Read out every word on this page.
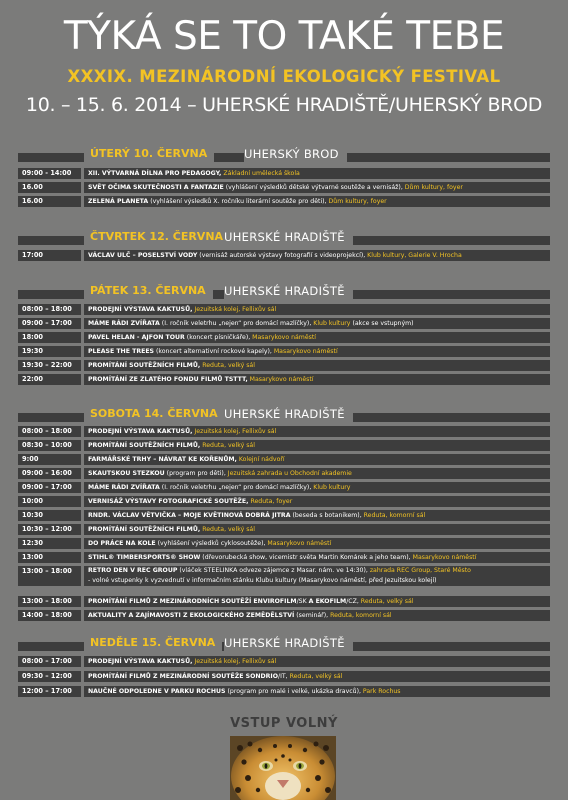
TÝKÁ SE TO TAKÉ TEBE
XXXIX. MEZINÁRODNÍ EKOLOGICKÝ FESTIVAL
10. – 15. 6. 2014 – UHERSKÉ HRADIŠTĚ/UHERSKÝ BROD
ÚTERÝ 10. ČERVNA	UHERSKÝ BROD
09:00 - 14:00	XII. VÝTVARNÁ DÍLNA PRO PEDAGOGY, Základní umělecká škola
16.00	SVĚT OČIMA SKUTEČNOSTI A FANTAZIE (vyhlášení výsledků dětské výtvarné soutěže a vernisáž), Dům kultury, foyer
16.00	ZELENÁ PLANETA (vyhlášení výsledků X. ročníku literární soutěže pro děti), Dům kultury, foyer
ČTVRTEK 12. ČERVNA UHERSKÉ HRADIŠTĚ
17:00	VÁCLAV ULČ – POSELSTVÍ VODY (vernisáž autorské výstavy fotografií s videoprojekcí), Klub kultury, Galerie V. Hrocha
PÁTEK 13. ČERVNA	UHERSKÉ HRADIŠTĚ
08:00 – 18:00	PRODEJNÍ VÝSTAVA KAKTUSŮ, Jezuitská kolej, Fellixův sál
09:00 – 17:00	MÁME RÁDI ZVÍŘATA (I. ročník veletrhu „nejen“ pro domácí mazlíčky), Klub kultury (akce se vstupným)
18:00	PAVEL HELAN - AJFON TOUR (koncert písničkáře), Masarykovo náměstí
19:30	PLEASE THE TREES (koncert alternativní rockové kapely), Masarykovo náměstí
19:30 – 22:00	PROMÍTÁNÍ SOUTĚŽNÍCH FILMŮ, Reduta, velký sál
22:00	PROMÍTÁNÍ ZE ZLATÉHO FONDU FILMŮ TSTTT, Masarykovo náměstí
SOBOTA 14. ČERVNA UHERSKÉ HRADIŠTĚ
08:00 – 18:00	PRODEJNÍ VÝSTAVA KAKTUSŮ, Jezuitská kolej, Fellixův sál
08:30 – 10:00	PROMÍTÁNÍ SOUTĚŽNÍCH FILMŮ, Reduta, velký sál
9:00	FARMÁŘSKÉ TRHY – NÁVRAT KE KOŘENŮM, Kolejní nádvoří
09:00 – 16:00	SKAUTSKOU STEZKOU (program pro děti), Jezuitská zahrada u Obchodní akademie
09:00 – 17:00	MÁME RÁDI ZVÍŘATA (I. ročník veletrhu „nejen“ pro domácí mazlíčky), Klub kultury
10:00	VERNISÁŽ VÝSTAVY FOTOGRAFICKÉ SOUTĚŽE, Reduta, foyer
10:30	RNDR. VÁCLAV VĚTVIČKA – MOJE KVĚTINOVÁ DOBRÁ JITRA (beseda s botanikem), Reduta, komorní sál
10:30 – 12:00	PROMÍTÁNÍ SOUTĚŽNÍCH FILMŮ, Reduta, velký sál
12:30	DO PRÁCE NA KOLE (vyhlášení výsledků cyklosoutěže), Masarykovo náměstí
13:00	STIHL® TIMBERSPORTS® SHOW (dřevorubecká show, vicemistr světa Martin Komárek a jeho team), Masarykovo náměstí
13:00 – 18:00	RETRO DEN V REC GROUP (vláček STEELINKA odveze zájemce z Masar. nám. ve 14:30), zahrada REC Group, Staré Město
- volné vstupenky k vyzvednutí v informačním stánku Klubu kultury (Masarykovo náměstí, před Jezuitskou kolejí)
13:00 – 18:00	PROMÍTÁNÍ FILMŮ Z MEZINÁRODNÍCH SOUTĚŽÍ ENVIROFILM/SK A EKOFILM/CZ, Reduta, velký sál
14:00 – 18:00	AKTUALITY A ZAJÍMAVOSTI Z EKOLOGICKÉHO ZEMĚDĚLSTVÍ (seminář), Reduta, komorní sál
NEDĚLE 15. ČERVNA UHERSKÉ HRADIŠTĚ
08:00 – 17:00	PRODEJNÍ VÝSTAVA KAKTUSŮ, Jezuitská kolej, Fellixův sál
09:30 – 12:00	PROMÍTÁNÍ FILMŮ Z MEZINÁRODNÍ SOUTĚŽE SONDRIO/IT, Reduta, velký sál
12:00 – 17:00	NAUČNÉ ODPOLEDNE V PARKU ROCHUS (program pro malé i velké, ukázka dravců), Park Rochus
VSTUP VOLNÝ
